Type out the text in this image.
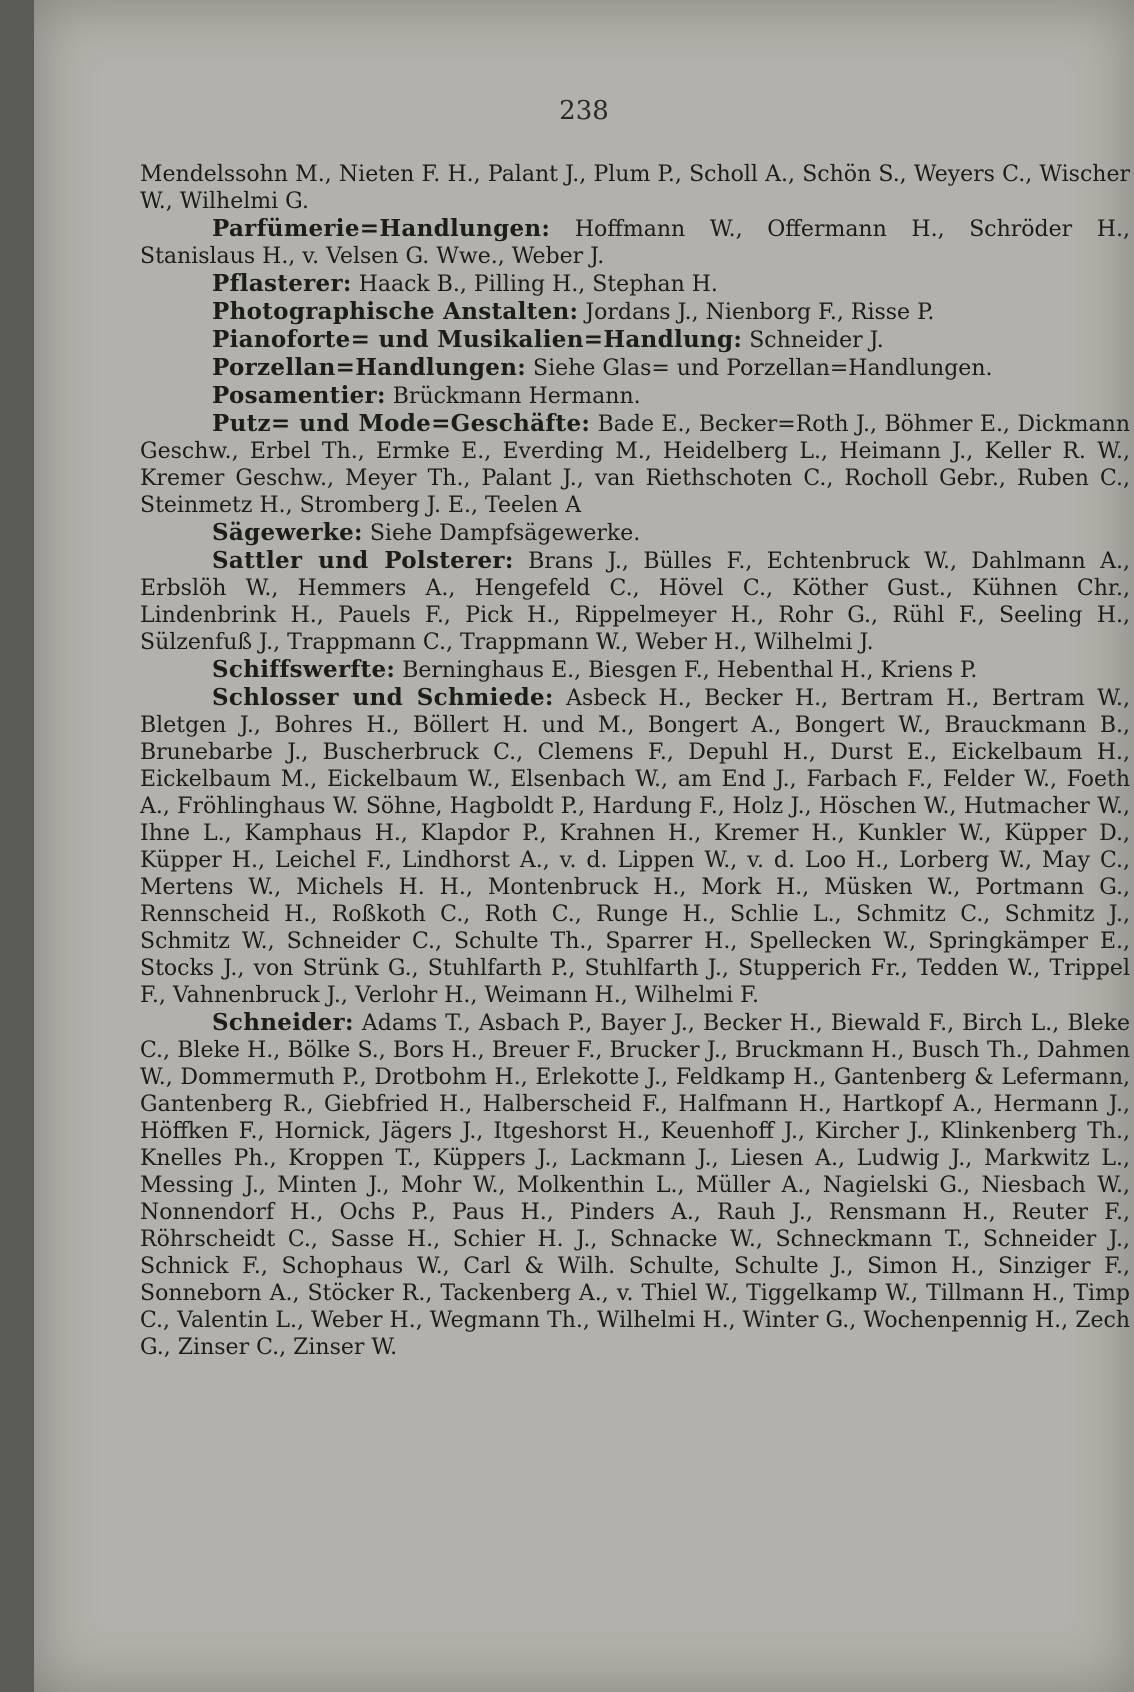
238

Mendelssohn M., Nieten F. H., Palant J., Plum P., Scholl A., Schön S., Weyers C., Wischer W., Wilhelmi G.

Parfümerie=Handlungen: Hoffmann W., Offermann H., Schröder H., Stanislaus H., v. Velsen G. Wwe., Weber J.

Pflasterer: Haack B., Pilling H., Stephan H.

Photographische Anstalten: Jordans J., Nienborg F., Risse P.

Pianoforte= und Musikalien=Handlung: Schneider J.

Porzellan=Handlungen: Siehe Glas= und Porzellan=Handlungen.

Posamentier: Brückmann Hermann.

Putz= und Mode=Geschäfte: Bade E., Becker=Roth J., Böhmer E., Dickmann Geschw., Erbel Th., Ermke E., Everding M., Heidelberg L., Heimann J., Keller R. W., Kremer Geschw., Meyer Th., Palant J., van Riethschoten C., Rocholl Gebr., Ruben C., Steinmetz H., Stromberg J. E., Teelen A

Sägewerke: Siehe Dampfsägewerke.

Sattler und Polsterer: Brans J., Bülles F., Echtenbruck W., Dahlmann A., Erbslöh W., Hemmers A., Hengefeld C., Hövel C., Köther Gust., Kühnen Chr., Lindenbrink H., Pauels F., Pick H., Rippelmeyer H., Rohr G., Rühl F., Seeling H., Sülzenfuß J., Trappmann C., Trappmann W., Weber H., Wilhelmi J.

Schiffswerfte: Berninghaus E., Biesgen F., Hebenthal H., Kriens P.

Schlosser und Schmiede: Asbeck H., Becker H., Bertram H., Bertram W., Bletgen J., Bohres H., Böllert H. und M., Bongert A., Bongert W., Brauckmann B., Brunebarbe J., Buscherbruck C., Clemens F., Depuhl H., Durst E., Eickelbaum H., Eickelbaum M., Eickelbaum W., Elsenbach W., am End J., Farbach F., Felder W., Foeth A., Fröhlinghaus W. Söhne, Hagboldt P., Hardung F., Holz J., Höschen W., Hutmacher W., Ihne L., Kamphaus H., Klapdor P., Krahnen H., Kremer H., Kunkler W., Küpper D., Küpper H., Leichel F., Lindhorst A., v. d. Lippen W., v. d. Loo H., Lorberg W., May C., Mertens W., Michels H. H., Montenbruck H., Mork H., Müsken W., Portmann G., Rennscheid H., Roßkoth C., Roth C., Runge H., Schlie L., Schmitz C., Schmitz J., Schmitz W., Schneider C., Schulte Th., Sparrer H., Spellecken W., Springkämper E., Stocks J., von Strünk G., Stuhlfarth P., Stuhlfarth J., Stupperich Fr., Tedden W., Trippel F., Vahnenbruck J., Verlohr H., Weimann H., Wilhelmi F.

Schneider: Adams T., Asbach P., Bayer J., Becker H., Biewald F., Birch L., Bleke C., Bleke H., Bölke S., Bors H., Breuer F., Brucker J., Bruckmann H., Busch Th., Dahmen W., Dommermuth P., Drotbohm H., Erlekotte J., Feldkamp H., Gantenberg & Lefermann, Gantenberg R., Giebfried H., Halberscheid F., Halfmann H., Hartkopf A., Hermann J., Höffken F., Hornick, Jägers J., Itgeshorst H., Keuenhoff J., Kircher J., Klinkenberg Th., Knelles Ph., Kroppen T., Küppers J., Lackmann J., Liesen A., Ludwig J., Markwitz L., Messing J., Minten J., Mohr W., Molkenthin L., Müller A., Nagielski G., Niesbach W., Nonnendorf H., Ochs P., Paus H., Pinders A., Rauh J., Rensmann H., Reuter F., Röhrscheidt C., Sasse H., Schier H. J., Schnacke W., Schneckmann T., Schneider J., Schnick F., Schophaus W., Carl & Wilh. Schulte, Schulte J., Simon H., Sinziger F., Sonneborn A., Stöcker R., Tackenberg A., v. Thiel W., Tiggelkamp W., Tillmann H., Timp C., Valentin L., Weber H., Wegmann Th., Wilhelmi H., Winter G., Wochenpennig H., Zech G., Zinser C., Zinser W.
